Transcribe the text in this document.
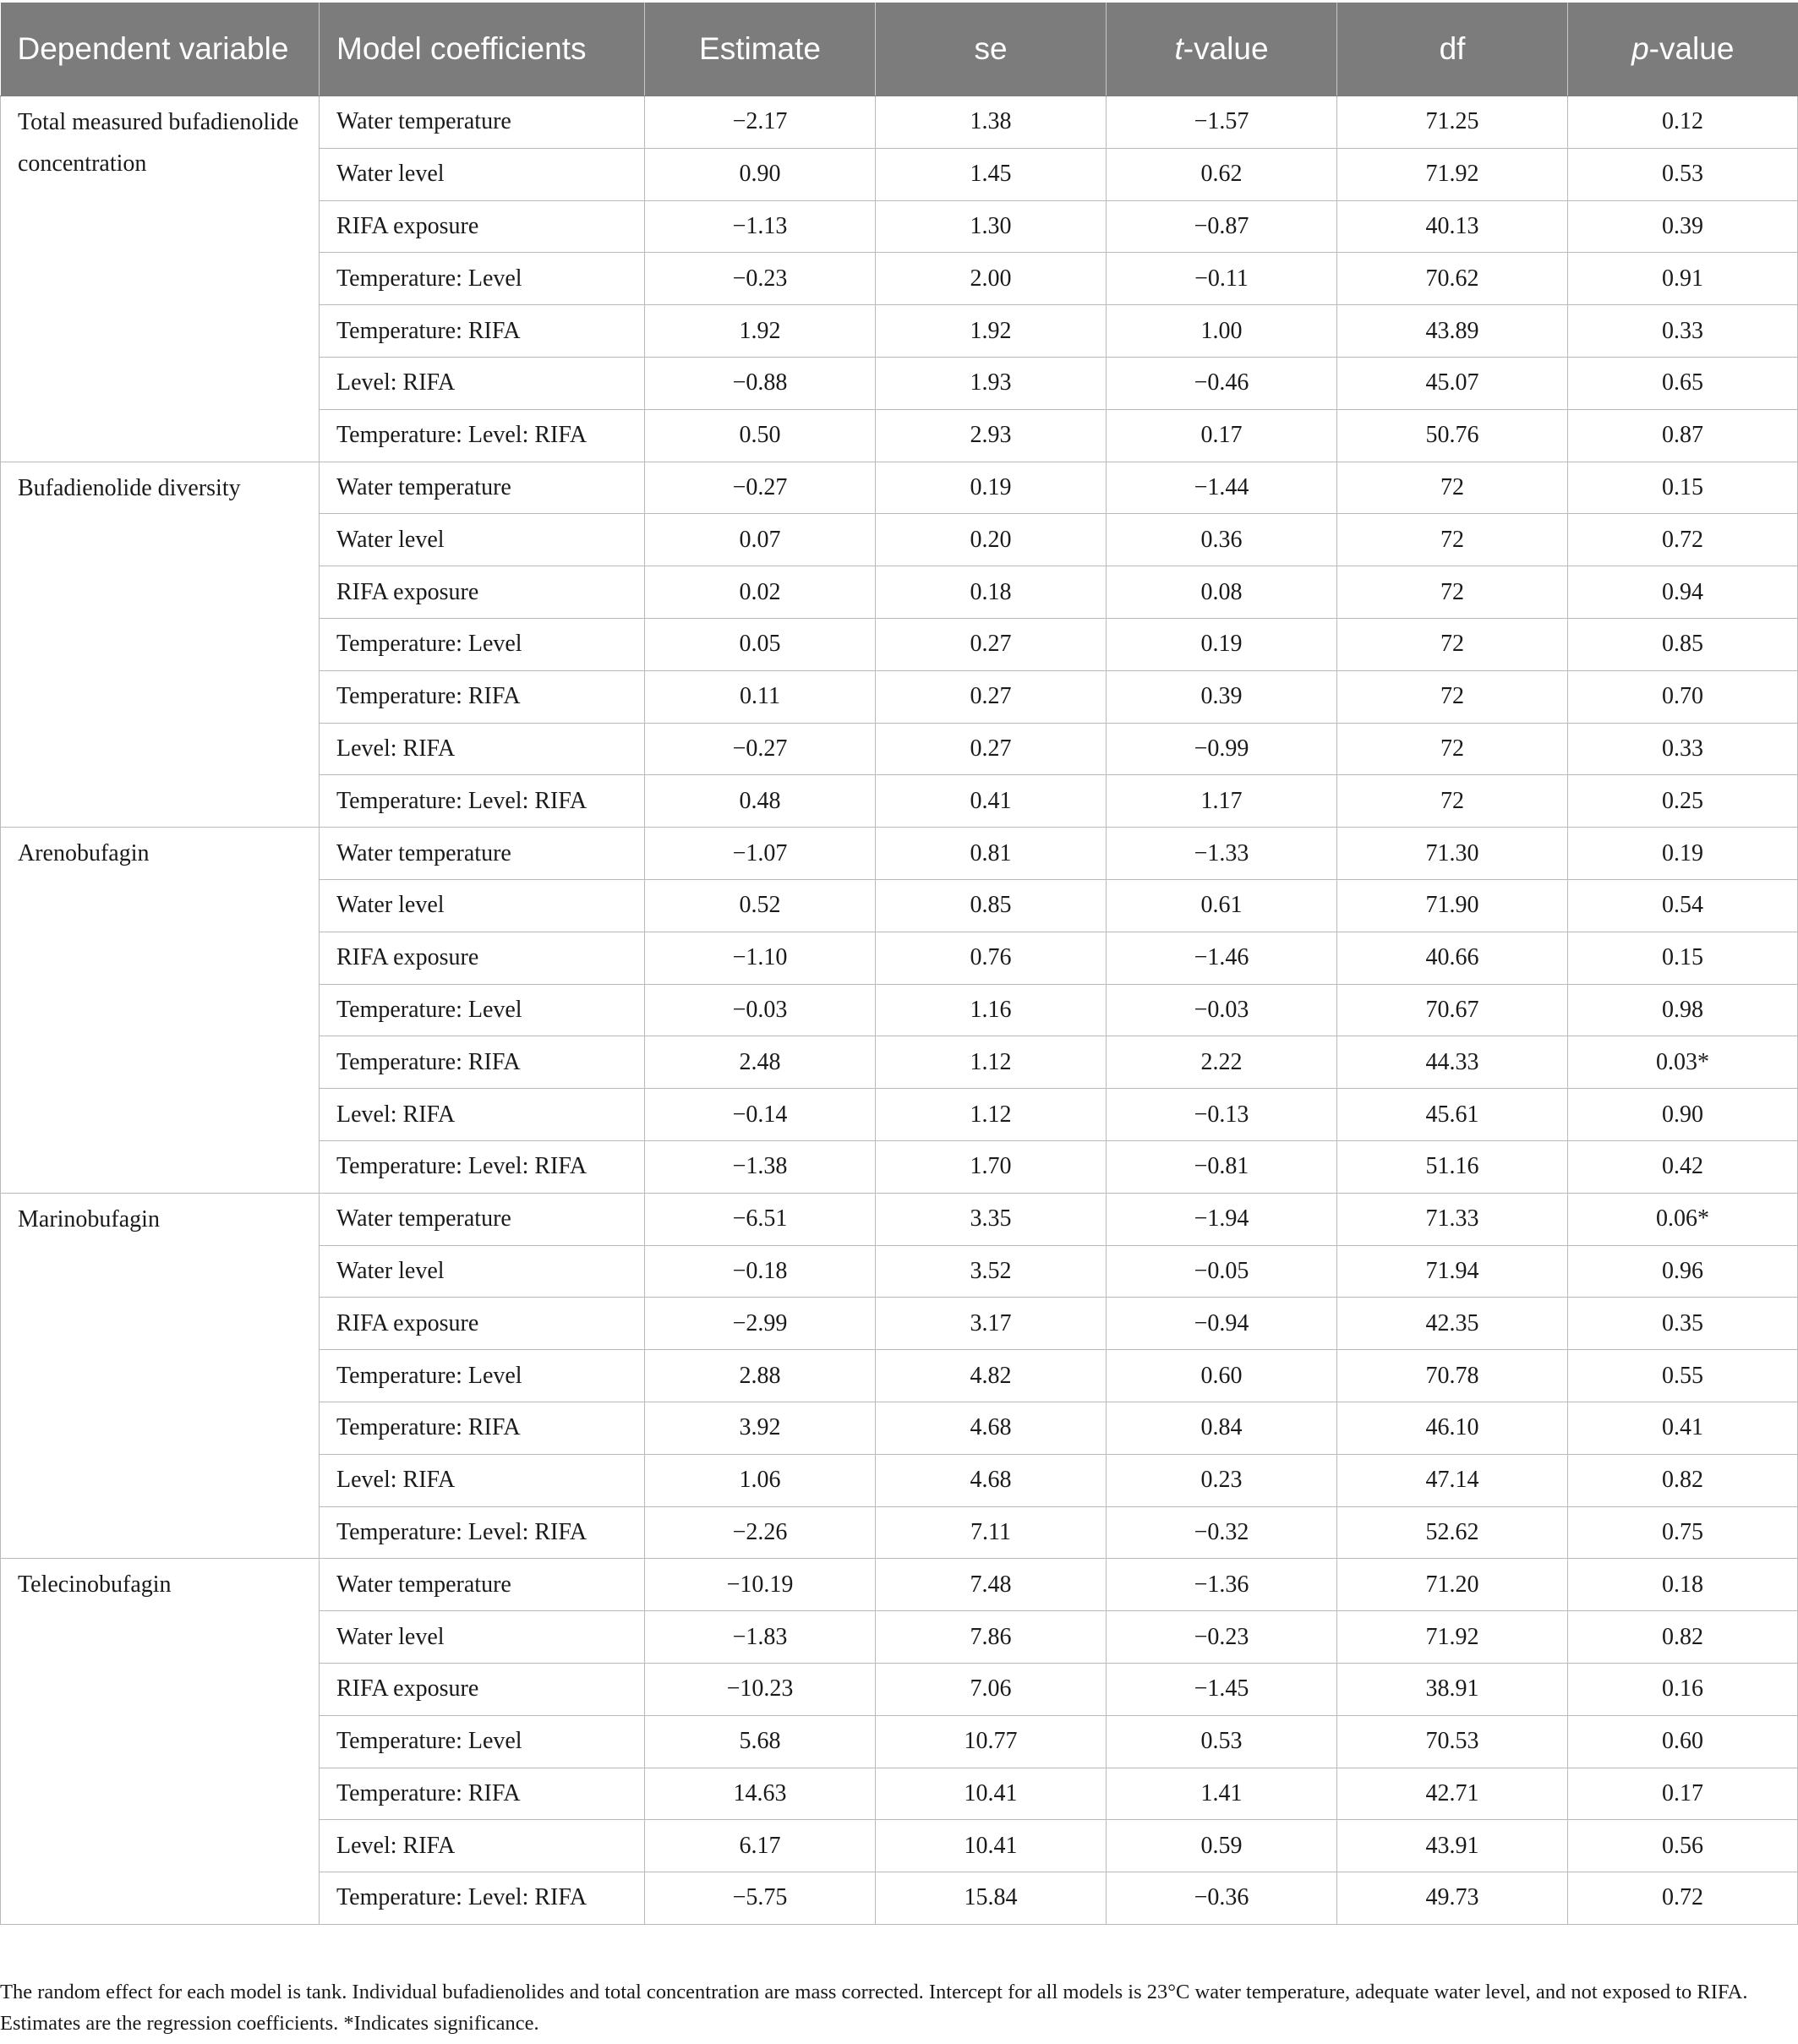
Dependent variable	Model coefficients	Estimate	se	t-value	df	p-value
Total measured bufadienolide concentration	Water temperature	−2.17	1.38	−1.57	71.25	0.12
	Water level	0.90	1.45	0.62	71.92	0.53
	RIFA exposure	−1.13	1.30	−0.87	40.13	0.39
	Temperature: Level	−0.23	2.00	−0.11	70.62	0.91
	Temperature: RIFA	1.92	1.92	1.00	43.89	0.33
	Level: RIFA	−0.88	1.93	−0.46	45.07	0.65
	Temperature: Level: RIFA	0.50	2.93	0.17	50.76	0.87
Bufadienolide diversity	Water temperature	−0.27	0.19	−1.44	72	0.15
	Water level	0.07	0.20	0.36	72	0.72
	RIFA exposure	0.02	0.18	0.08	72	0.94
	Temperature: Level	0.05	0.27	0.19	72	0.85
	Temperature: RIFA	0.11	0.27	0.39	72	0.70
	Level: RIFA	−0.27	0.27	−0.99	72	0.33
	Temperature: Level: RIFA	0.48	0.41	1.17	72	0.25
Arenobufagin	Water temperature	−1.07	0.81	−1.33	71.30	0.19
	Water level	0.52	0.85	0.61	71.90	0.54
	RIFA exposure	−1.10	0.76	−1.46	40.66	0.15
	Temperature: Level	−0.03	1.16	−0.03	70.67	0.98
	Temperature: RIFA	2.48	1.12	2.22	44.33	0.03*
	Level: RIFA	−0.14	1.12	−0.13	45.61	0.90
	Temperature: Level: RIFA	−1.38	1.70	−0.81	51.16	0.42
Marinobufagin	Water temperature	−6.51	3.35	−1.94	71.33	0.06*
	Water level	−0.18	3.52	−0.05	71.94	0.96
	RIFA exposure	−2.99	3.17	−0.94	42.35	0.35
	Temperature: Level	2.88	4.82	0.60	70.78	0.55
	Temperature: RIFA	3.92	4.68	0.84	46.10	0.41
	Level: RIFA	1.06	4.68	0.23	47.14	0.82
	Temperature: Level: RIFA	−2.26	7.11	−0.32	52.62	0.75
Telecinobufagin	Water temperature	−10.19	7.48	−1.36	71.20	0.18
	Water level	−1.83	7.86	−0.23	71.92	0.82
	RIFA exposure	−10.23	7.06	−1.45	38.91	0.16
	Temperature: Level	5.68	10.77	0.53	70.53	0.60
	Temperature: RIFA	14.63	10.41	1.41	42.71	0.17
	Level: RIFA	6.17	10.41	0.59	43.91	0.56
	Temperature: Level: RIFA	−5.75	15.84	−0.36	49.73	0.72

The random effect for each model is tank. Individual bufadienolides and total concentration are mass corrected. Intercept for all models is 23°C water temperature, adequate water level, and not exposed to RIFA. Estimates are the regression coefficients. *Indicates significance.
